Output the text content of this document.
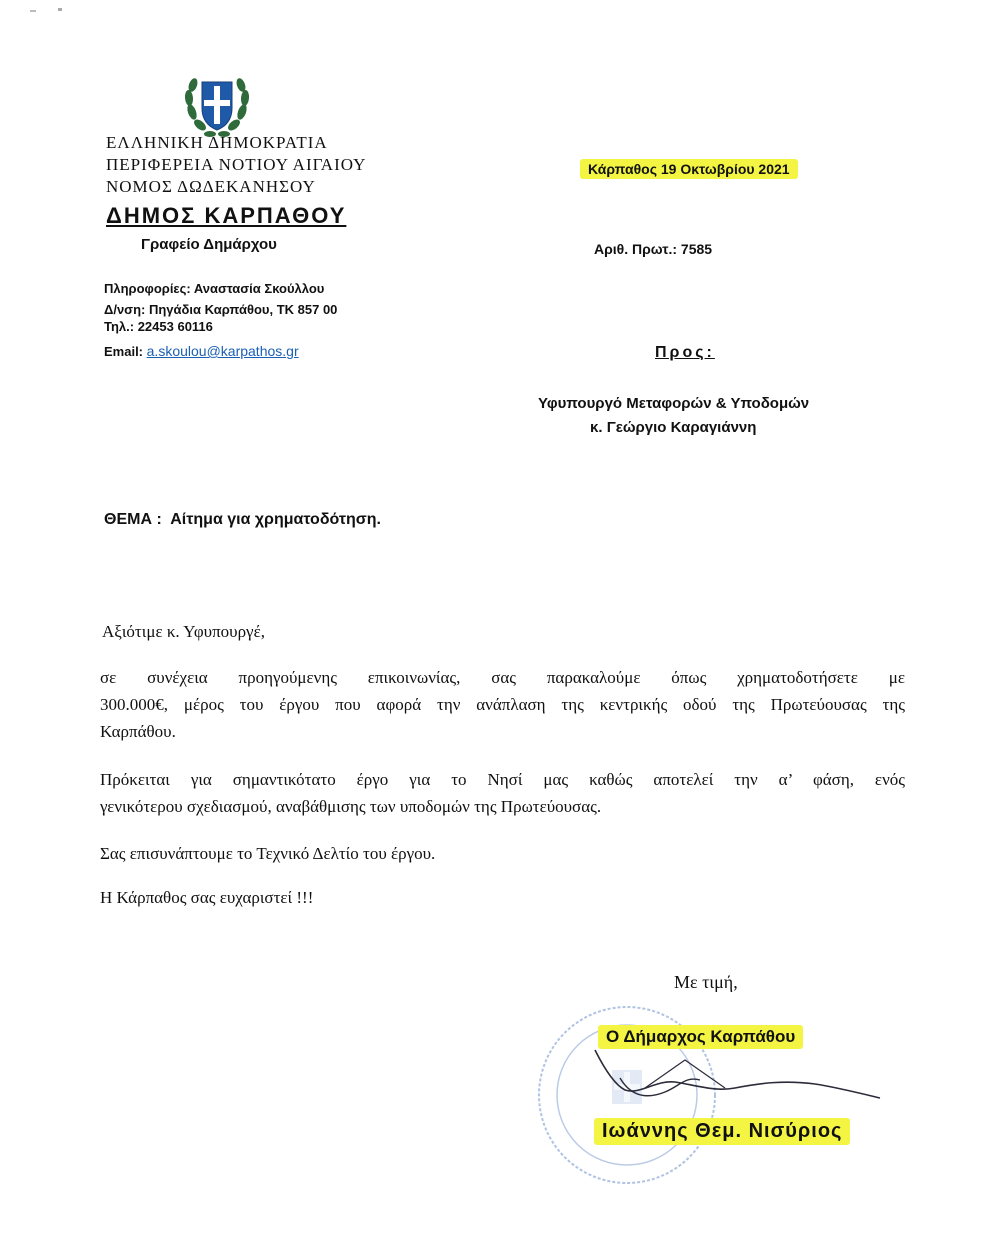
ΕΛΛΗΝΙΚΗ ΔΗΜΟΚΡΑΤΙΑ
ΠΕΡΙΦΕΡΕΙΑ ΝΟΤΙΟΥ ΑΙΓΑΙΟΥ
ΝΟΜΟΣ ΔΩΔΕΚΑΝΗΣΟΥ
ΔΗΜΟΣ ΚΑΡΠΑΘΟΥ
Γραφείο Δημάρχου
Πληροφορίες: Αναστασία Σκούλλου
Δ/νση: Πηγάδια Καρπάθου, ΤΚ 857 00
Τηλ.: 22453 60116
Email: a.skoulou@karpathos.gr
Κάρπαθος 19 Οκτωβρίου 2021
Αριθ. Πρωτ.: 7585
Προς:
Υφυπουργό Μεταφορών & Υποδομών
κ. Γεώργιο Καραγιάννη
ΘΕΜΑ : Αίτημα για χρηματοδότηση.
Αξιότιμε κ. Υφυπουργέ,
σε συνέχεια προηγούμενης επικοινωνίας, σας παρακαλούμε όπως χρηματοδοτήσετε με
300.000€, μέρος του έργου που αφορά την ανάπλαση της κεντρικής οδού της Πρωτεύουσας της
Καρπάθου.
Πρόκειται για σημαντικότατο έργο για το Νησί μας καθώς αποτελεί την α’ φάση, ενός
γενικότερου σχεδιασμού, αναβάθμισης των υποδομών της Πρωτεύουσας.
Σας επισυνάπτουμε το Τεχνικό Δελτίο του έργου.
Η Κάρπαθος σας ευχαριστεί !!!
Με τιμή,
Ο Δήμαρχος Καρπάθου
Ιωάννης Θεμ. Νισύριος
